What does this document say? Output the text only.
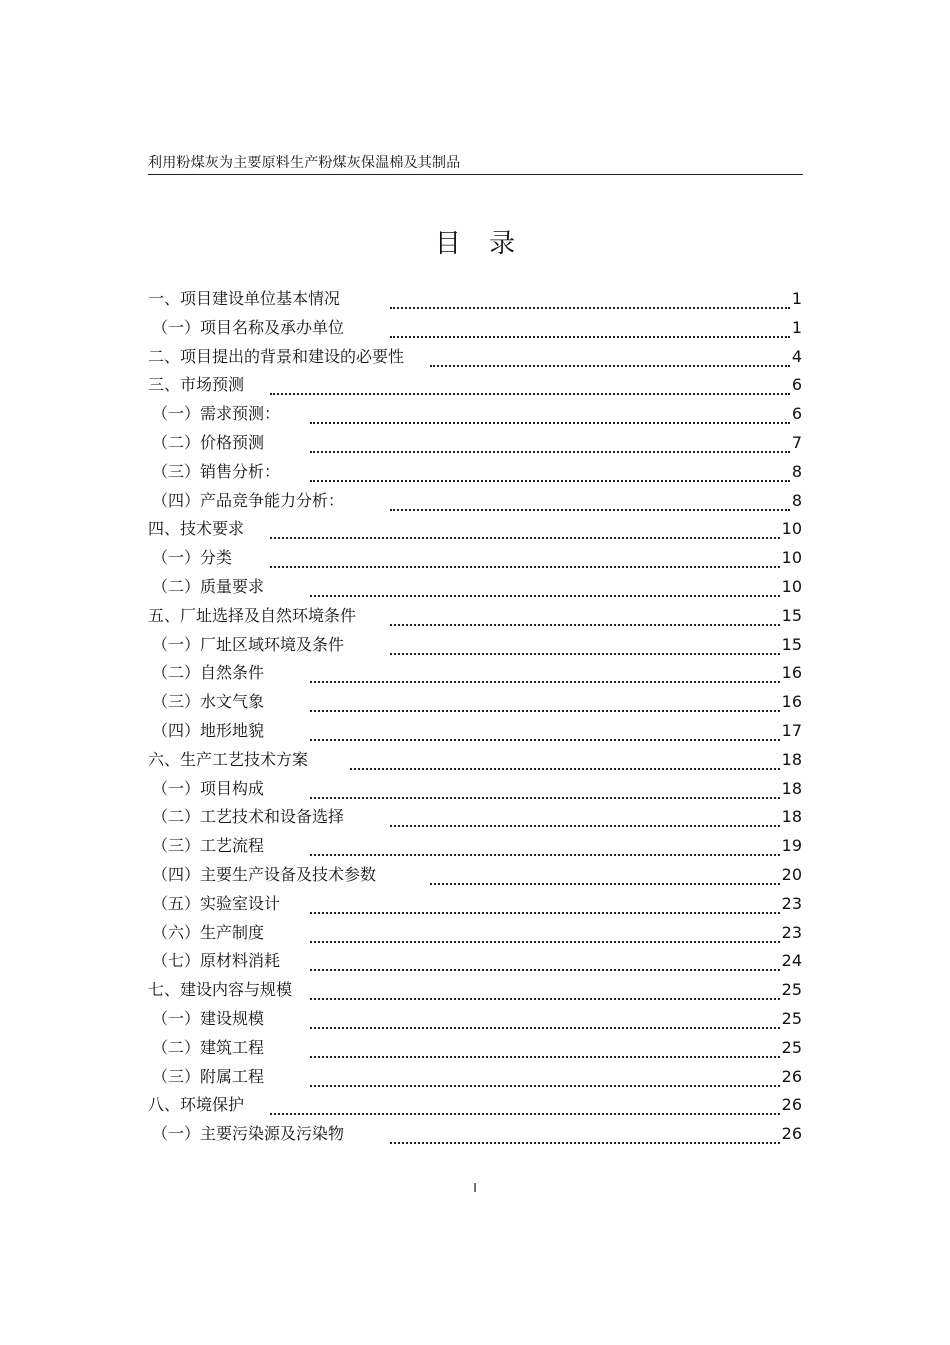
利用粉煤灰为主要原料生产粉煤灰保温棉及其制品
目 录
一、项目建设单位基本情况	1
（一）项目名称及承办单位	1
二、项目提出的背景和建设的必要性	4
三、市场预测	6
（一）需求预测：	6
（二）价格预测	7
（三）销售分析：	8
（四）产品竞争能力分析：	8
四、技术要求	10
（一）分类	10
（二）质量要求	10
五、厂址选择及自然环境条件	15
（一）厂址区域环境及条件	15
（二）自然条件	16
（三）水文气象	16
（四）地形地貌	17
六、生产工艺技术方案	18
（一）项目构成	18
（二）工艺技术和设备选择	18
（三）工艺流程	19
（四）主要生产设备及技术参数	20
（五）实验室设计	23
（六）生产制度	23
（七）原材料消耗	24
七、建设内容与规模	25
（一）建设规模	25
（二）建筑工程	25
（三）附属工程	26
八、环境保护	26
（一）主要污染源及污染物	26
I
